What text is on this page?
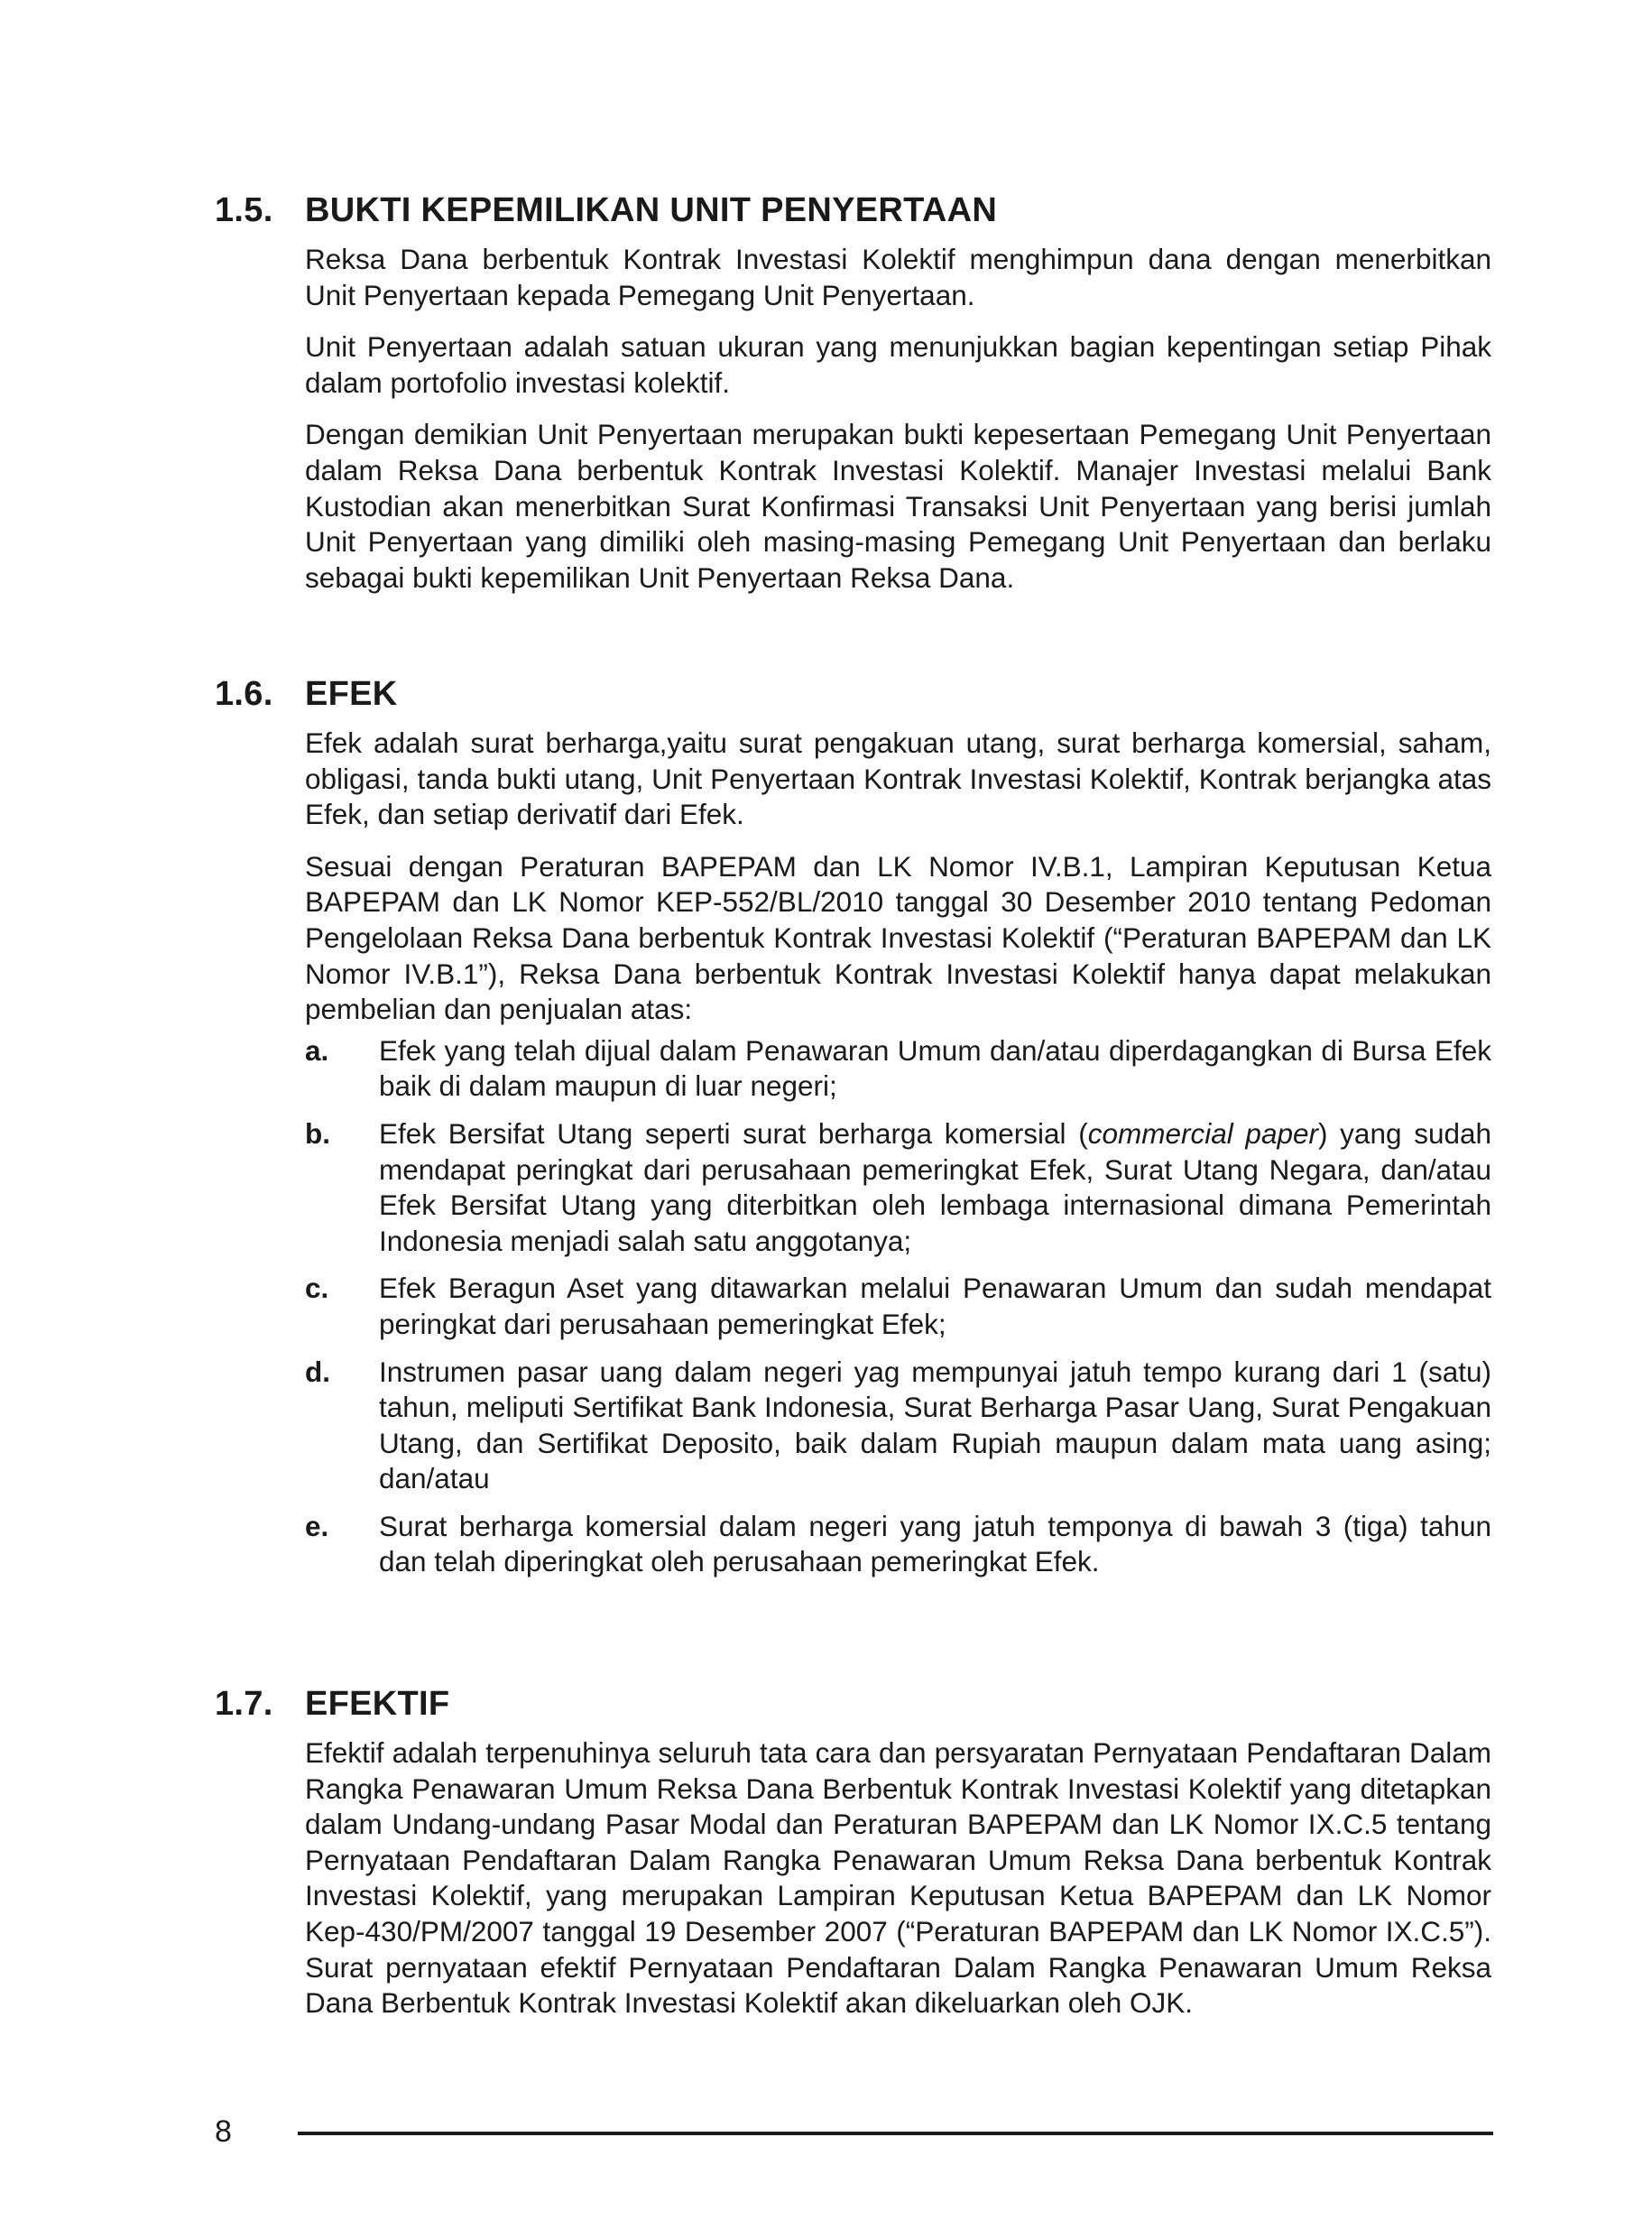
1.5. BUKTI KEPEMILIKAN UNIT PENYERTAAN

Reksa Dana berbentuk Kontrak Investasi Kolektif menghimpun dana dengan menerbitkan Unit Penyertaan kepada Pemegang Unit Penyertaan.

Unit Penyertaan adalah satuan ukuran yang menunjukkan bagian kepentingan setiap Pihak dalam portofolio investasi kolektif.

Dengan demikian Unit Penyertaan merupakan bukti kepesertaan Pemegang Unit Penyertaan dalam Reksa Dana berbentuk Kontrak Investasi Kolektif. Manajer Investasi melalui Bank Kustodian akan menerbitkan Surat Konfirmasi Transaksi Unit Penyertaan yang berisi jumlah Unit Penyertaan yang dimiliki oleh masing-masing Pemegang Unit Penyertaan dan berlaku sebagai bukti kepemilikan Unit Penyertaan Reksa Dana.

1.6. EFEK

Efek adalah surat berharga,yaitu surat pengakuan utang, surat berharga komersial, saham, obligasi, tanda bukti utang, Unit Penyertaan Kontrak Investasi Kolektif, Kontrak berjangka atas Efek, dan setiap derivatif dari Efek.

Sesuai dengan Peraturan BAPEPAM dan LK Nomor IV.B.1, Lampiran Keputusan Ketua BAPEPAM dan LK Nomor KEP-552/BL/2010 tanggal 30 Desember 2010 tentang Pedoman Pengelolaan Reksa Dana berbentuk Kontrak Investasi Kolektif (“Peraturan BAPEPAM dan LK Nomor IV.B.1”), Reksa Dana berbentuk Kontrak Investasi Kolektif hanya dapat melakukan pembelian dan penjualan atas:

a.	Efek yang telah dijual dalam Penawaran Umum dan/atau diperdagangkan di Bursa Efek baik di dalam maupun di luar negeri;
b.	Efek Bersifat Utang seperti surat berharga komersial (commercial paper) yang sudah mendapat peringkat dari perusahaan pemeringkat Efek, Surat Utang Negara, dan/atau Efek Bersifat Utang yang diterbitkan oleh lembaga internasional dimana Pemerintah Indonesia menjadi salah satu anggotanya;
c.	Efek Beragun Aset yang ditawarkan melalui Penawaran Umum dan sudah mendapat peringkat dari perusahaan pemeringkat Efek;
d.	Instrumen pasar uang dalam negeri yag mempunyai jatuh tempo kurang dari 1 (satu) tahun, meliputi Sertifikat Bank Indonesia, Surat Berharga Pasar Uang, Surat Pengakuan Utang, dan Sertifikat Deposito, baik dalam Rupiah maupun dalam mata uang asing; dan/atau
e.	Surat berharga komersial dalam negeri yang jatuh temponya di bawah 3 (tiga) tahun dan telah diperingkat oleh perusahaan pemeringkat Efek.
1.7. EFEKTIF

Efektif adalah terpenuhinya seluruh tata cara dan persyaratan Pernyataan Pendaftaran Dalam Rangka Penawaran Umum Reksa Dana Berbentuk Kontrak Investasi Kolektif yang ditetapkan dalam Undang-undang Pasar Modal dan Peraturan BAPEPAM dan LK Nomor IX.C.5 tentang Pernyataan Pendaftaran Dalam Rangka Penawaran Umum Reksa Dana berbentuk Kontrak Investasi Kolektif, yang merupakan Lampiran Keputusan Ketua BAPEPAM dan LK Nomor Kep-430/PM/2007 tanggal 19 Desember 2007 (“Peraturan BAPEPAM dan LK Nomor IX.C.5”). Surat pernyataan efektif Pernyataan Pendaftaran Dalam Rangka Penawaran Umum Reksa Dana Berbentuk Kontrak Investasi Kolektif akan dikeluarkan oleh OJK.

8
